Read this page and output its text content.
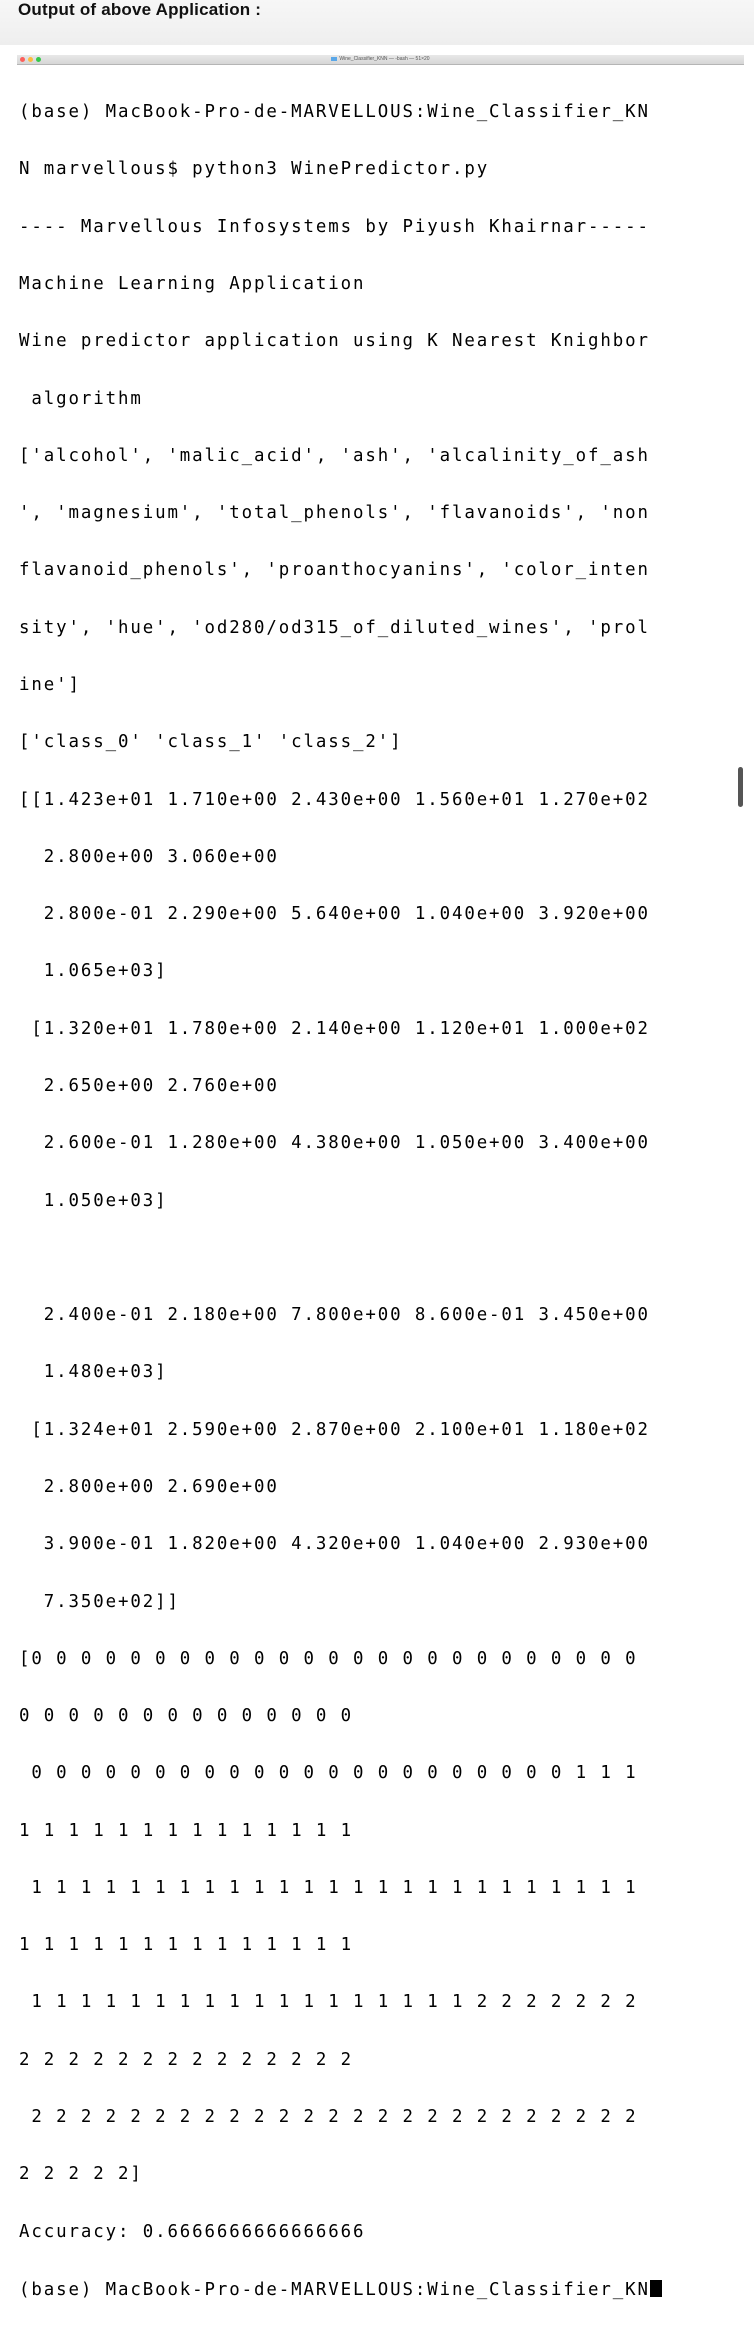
Output of above Application :
Wine_Classifier_KNN — -bash — 51×20

(base) MacBook-Pro-de-MARVELLOUS:Wine_Classifier_KN

N marvellous$ python3 WinePredictor.py

---- Marvellous Infosystems by Piyush Khairnar-----

Machine Learning Application

Wine predictor application using K Nearest Knighbor

algorithm

['alcohol', 'malic_acid', 'ash', 'alcalinity_of_ash

', 'magnesium', 'total_phenols', 'flavanoids', 'non

flavanoid_phenols', 'proanthocyanins', 'color_inten

sity', 'hue', 'od280/od315_of_diluted_wines', 'prol

ine']

['class_0' 'class_1' 'class_2']

[[1.423e+01 1.710e+00 2.430e+00 1.560e+01 1.270e+02

2.800e+00 3.060e+00

2.800e-01 2.290e+00 5.640e+00 1.040e+00 3.920e+00

1.065e+03]

[1.320e+01 1.780e+00 2.140e+00 1.120e+01 1.000e+02

2.650e+00 2.760e+00

2.600e-01 1.280e+00 4.380e+00 1.050e+00 3.400e+00

1.050e+03]

2.400e-01 2.180e+00 7.800e+00 8.600e-01 3.450e+00

1.480e+03]

[1.324e+01 2.590e+00 2.870e+00 2.100e+01 1.180e+02

2.800e+00 2.690e+00

3.900e-01 1.820e+00 4.320e+00 1.040e+00 2.930e+00

7.350e+02]]

[0 0 0 0 0 0 0 0 0 0 0 0 0 0 0 0 0 0 0 0 0 0 0 0 0

0 0 0 0 0 0 0 0 0 0 0 0 0 0

0 0 0 0 0 0 0 0 0 0 0 0 0 0 0 0 0 0 0 0 0 0 1 1 1

1 1 1 1 1 1 1 1 1 1 1 1 1 1

1 1 1 1 1 1 1 1 1 1 1 1 1 1 1 1 1 1 1 1 1 1 1 1 1

1 1 1 1 1 1 1 1 1 1 1 1 1 1

1 1 1 1 1 1 1 1 1 1 1 1 1 1 1 1 1 1 2 2 2 2 2 2 2

2 2 2 2 2 2 2 2 2 2 2 2 2 2

2 2 2 2 2 2 2 2 2 2 2 2 2 2 2 2 2 2 2 2 2 2 2 2 2

2 2 2 2 2]

Accuracy: 0.6666666666666666

(base) MacBook-Pro-de-MARVELLOUS:Wine_Classifier_KN
